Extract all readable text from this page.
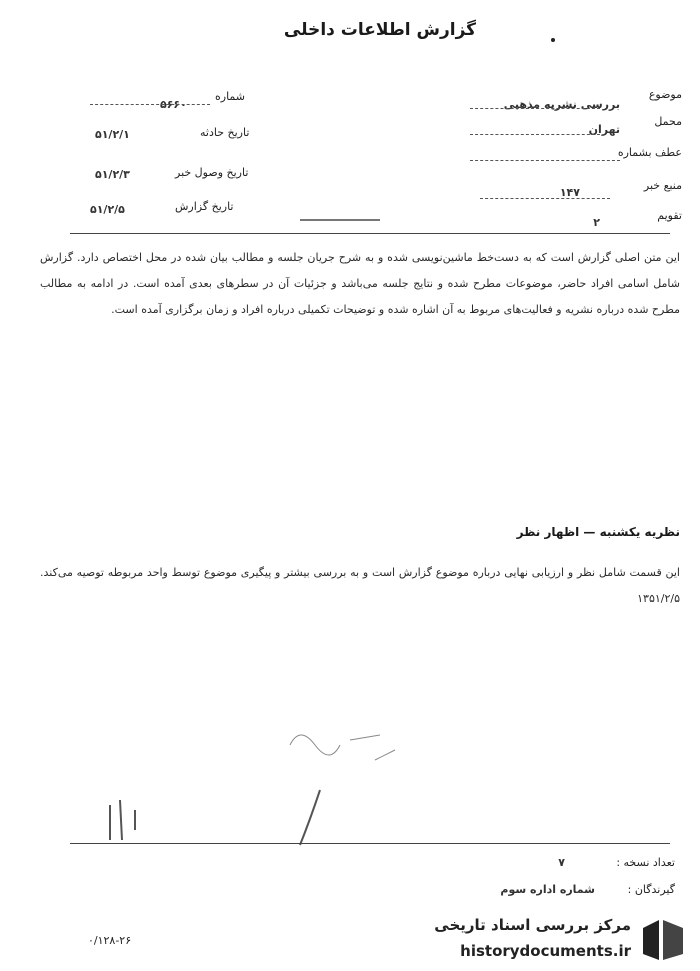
گزارش اطلاعات داخلی
موضوع
بررسی نشریه مذهبی
محمل
تهران
عطف بشماره
منبع خبر
۱۴۷
تقویم
۲
شماره
۵۶۶۰
تاریخ حادثه
۵۱/۲/۱
تاریخ وصول خبر
۵۱/۲/۳
تاریخ گزارش
۵۱/۲/۵
این متن اصلی گزارش است که به دست‌خط ماشین‌نویسی شده و به شرح جریان جلسه و مطالب بیان شده در محل اختصاص دارد. گزارش شامل اسامی افراد حاضر، موضوعات مطرح شده و نتایج جلسه می‌باشد و جزئیات آن در سطرهای بعدی آمده است. در ادامه به مطالب مطرح شده درباره نشریه و فعالیت‌های مربوط به آن اشاره شده و توضیحات تکمیلی درباره افراد و زمان برگزاری آمده است.
نظریه یکشنبه — اظهار نظر
این قسمت شامل نظر و ارزیابی نهایی درباره موضوع گزارش است و به بررسی بیشتر و پیگیری موضوع توسط واحد مربوطه توصیه می‌کند. ۱۳۵۱/۲/۵
تعداد نسخه :
۷
گیرندگان :
شماره اداره سوم
۰/۱۲۸-۲۶
مرکز بررسی اسناد تاریخی
historydocuments.ir
